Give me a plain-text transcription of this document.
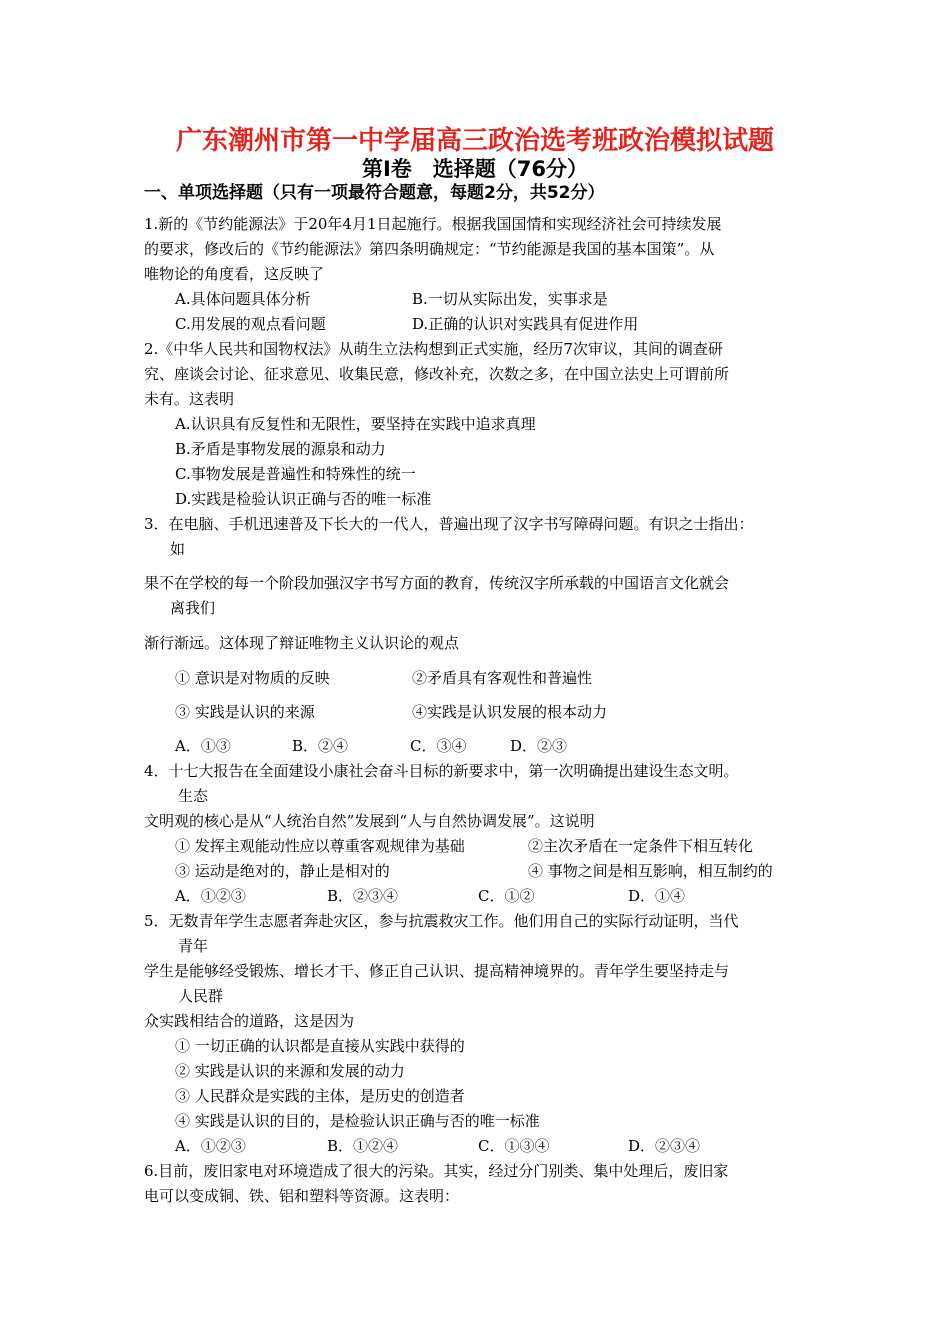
广东潮州市第一中学届高三政治选考班政治模拟试题
第Ⅰ卷　选择题（76分）
一、单项选择题（只有一项最符合题意，每题2分，共52分）
1.新的《节约能源法》于20年4月1日起施行。根据我国国情和实现经济社会可持续发展
的要求，修改后的《节约能源法》第四条明确规定：“节约能源是我国的基本国策”。从
唯物论的角度看，这反映了
A.具体问题具体分析	B.一切从实际出发，实事求是
C.用发展的观点看问题	D.正确的认识对实践具有促进作用
2.《中华人民共和国物权法》从萌生立法构想到正式实施，经历7次审议，其间的调查研
究、座谈会讨论、征求意见、收集民意，修改补充，次数之多，在中国立法史上可谓前所
未有。这表明
A.认识具有反复性和无限性，要坚持在实践中追求真理
B.矛盾是事物发展的源泉和动力
C.事物发展是普遍性和特殊性的统一
D.实践是检验认识正确与否的唯一标准
3．在电脑、手机迅速普及下长大的一代人，普遍出现了汉字书写障碍问题。有识之士指出：
如
果不在学校的每一个阶段加强汉字书写方面的教育，传统汉字所承载的中国语言文化就会
离我们
渐行渐远。这体现了辩证唯物主义认识论的观点
① 意识是对物质的反映	②矛盾具有客观性和普遍性
③ 实践是认识的来源	④实践是认识发展的根本动力
A．①③	B．②④	C．③④	D．②③
4．十七大报告在全面建设小康社会奋斗目标的新要求中，第一次明确提出建设生态文明。
生态
文明观的核心是从“人统治自然”发展到“人与自然协调发展”。这说明
① 发挥主观能动性应以尊重客观规律为基础	②主次矛盾在一定条件下相互转化
③ 运动是绝对的，静止是相对的	④ 事物之间是相互影响，相互制约的
A．①②③	B．②③④	C．①②	D．①④
5．无数青年学生志愿者奔赴灾区，参与抗震救灾工作。他们用自己的实际行动证明，当代
青年
学生是能够经受锻炼、增长才干、修正自己认识、提高精神境界的。青年学生要坚持走与
人民群
众实践相结合的道路，这是因为
① 一切正确的认识都是直接从实践中获得的
② 实践是认识的来源和发展的动力
③ 人民群众是实践的主体，是历史的创造者
④ 实践是认识的目的，是检验认识正确与否的唯一标准
A．①②③	B．①②④	C．①③④	D．②③④
6.目前，废旧家电对环境造成了很大的污染。其实，经过分门别类、集中处理后，废旧家
电可以变成铜、铁、铝和塑料等资源。这表明：
